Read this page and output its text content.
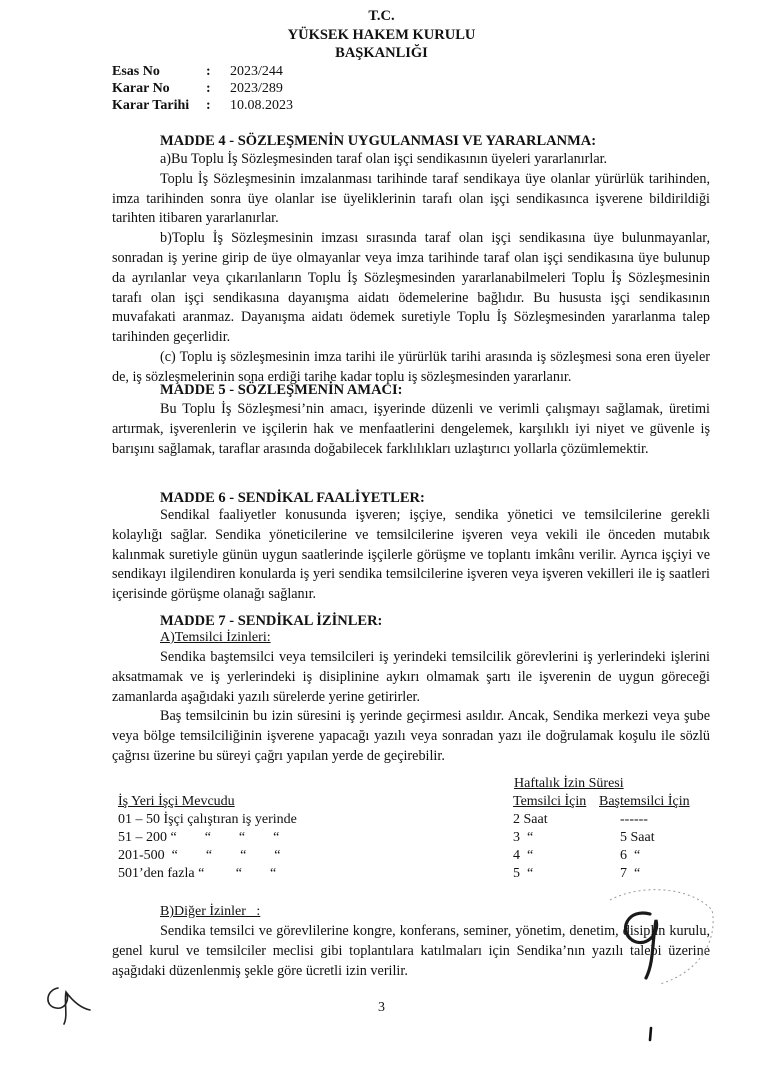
T.C.
YÜKSEK HAKEM KURULU
BAŞKANLIĞI
Esas No	: 2023/244
Karar No	: 2023/289
Karar Tarihi : 10.08.2023
MADDE 4 - SÖZLEŞMENİN UYGULANMASI VE YARARLANMA:

a)Bu Toplu İş Sözleşmesinden taraf olan işçi sendikasının üyeleri yararlanırlar.

Toplu İş Sözleşmesinin imzalanması tarihinde taraf sendikaya üye olanlar yürürlük tarihinden, imza tarihinden sonra üye olanlar ise üyeliklerinin tarafı olan işçi sendikasınca işverene bildirildiği tarihten itibaren yararlanırlar.

b)Toplu İş Sözleşmesinin imzası sırasında taraf olan işçi sendikasına üye bulunmayanlar, sonradan iş yerine girip de üye olmayanlar veya imza tarihinde taraf olan işçi sendikasına üye bulunup da ayrılanlar veya çıkarılanların Toplu İş Sözleşmesinden yararlanabilmeleri Toplu İş Sözleşmesinin tarafı olan işçi sendikasına dayanışma aidatı ödemelerine bağlıdır. Bu hususta işçi sendikasının muvafakati aranmaz. Dayanışma aidatı ödemek suretiyle Toplu İş Sözleşmesinden yararlanma talep tarihinden geçerlidir.

(c) Toplu iş sözleşmesinin imza tarihi ile yürürlük tarihi arasında iş sözleşmesi sona eren üyeler de, iş sözleşmelerinin sona erdiği tarihe kadar toplu iş sözleşmesinden yararlanır.

MADDE 5 - SÖZLEŞMENİN AMACI:

Bu Toplu İş Sözleşmesi’nin amacı, işyerinde düzenli ve verimli çalışmayı sağlamak, üretimi artırmak, işverenlerin ve işçilerin hak ve menfaatlerini dengelemek, karşılıklı iyi niyet ve güvenle iş barışını sağlamak, taraflar arasında doğabilecek farklılıkları uzlaştırıcı yollarla çözümlemektir.

MADDE 6 - SENDİKAL FAALİYETLER:

Sendikal faaliyetler konusunda işveren; işçiye, sendika yönetici ve temsilcilerine gerekli kolaylığı sağlar. Sendika yöneticilerine ve temsilcilerine işveren veya vekili ile önceden mutabık kalınmak suretiyle günün uygun saatlerinde işçilerle görüşme ve toplantı imkânı verilir. Ayrıca işçiyi ve sendikayı ilgilendiren konularda iş yeri sendika temsilcilerine işveren veya işveren vekilleri ile iş saatleri içerisinde görüşme olanağı sağlanır.

MADDE 7 - SENDİKAL İZİNLER:
A)Temsilci İzinleri:

Sendika baştemsilci veya temsilcileri iş yerindeki temsilcilik görevlerini iş yerlerindeki işlerini aksatmamak ve iş yerlerindeki iş disiplinine aykırı olmamak şartı ile işverenin de uygun göreceği zamanlarda aşağıdaki yazılı sürelerde yerine getirirler.

Baş temsilcinin bu izin süresini iş yerinde geçirmesi asıldır. Ancak, Sendika merkezi veya şube veya bölge temsilciliğinin işverene yapacağı yazılı veya sonradan yazı ile doğrulamak koşulu ile sözlü çağrısı üzerine bu süreyi çağrı yapılan yerde de geçirebilir.

Haftalık İzin Süresi
İş Yeri İşçi Mevcudu	Temsilci İçin Baştemsilci İçin
01 – 50 İşçi çalıştıran iş yerinde	2 Saat	------
51 – 200 “        “        “        “	3  “	5 Saat
201-500  “        “        “        “	4  “	6  “
501’den fazla “         “        “	5  “	7  “
B)Diğer İzinler   :

Sendika temsilci ve görevlilerine kongre, konferans, seminer, yönetim, denetim, disiplin kurulu, genel kurul ve temsilciler meclisi gibi toplantılara katılmaları için Sendika’nın yazılı talebi üzerine aşağıdaki düzenlenmiş şekle göre ücretli izin verilir.

3
